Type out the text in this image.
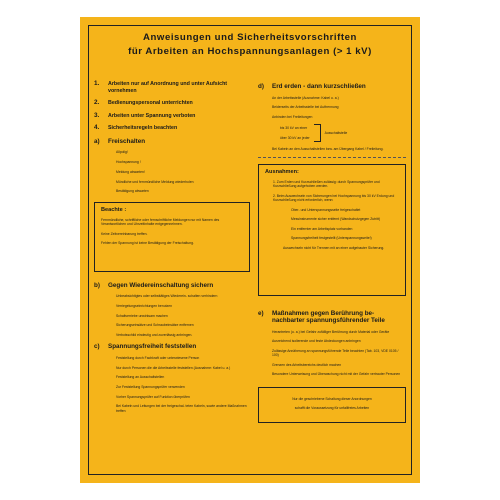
Anweisungen und Sicherheitsvorschriften
für Arbeiten an Hochspannungsanlagen (> 1 kV)
1.	Arbeiten nur auf Anordnung und unter Aufsicht vornehmen
2.	Bedienungspersonal unterrichten
3.	Arbeiten unter Spannung verboten
4.	Sicherheitsregeln beachten
a)	Freischalten
Allpolig!
Hochspannung !
Meldung abwarten!
Mündliche und fernmündliche Meldung wiederholen
Bestätigung abwarten
Beachte :
Fernmündliche, schriftliche oder fernschriftliche Meldungen nur mit Namen des Verantwortlichen und Uhrzeitinhalte entgegennehmen.
Keine Zeitvereinbarung treffen.
Fehlen der Spannung ist keine Bestätigung der Freischaltung.
b)	Gegen Wiedereinschaltung sichern
Unbeabsichtigtes oder selbsttätiges Wiederein- schalten verhindern
Verriegelungseinrichtungen benutzen
Schaltverriebe unwirksam machen
Sicherungseinsätze und Schraubeinsätze entfernen
Verbotsschild eindeutig und zuverlässig anbringen.
c)	Spannungsfreiheit feststellen
Feststellung durch Fachkraft oder unterwiesene Person
Nur durch Personen die die Arbeitsstelle feststellen (Ausnahme: Kabel u. a.)
Feststellung an Ausschaltstellen
Zur Feststellung Spannungsprüfer verwenden
Vorher Spannungsprüfer auf Funktion überprüfen
Bei Kabeln und Leitungen bei der freigeschal- teten Kabeln, sowie andere Maßnahmen treffen
d)	Erd erden - dann kurzschließen
An der Arbeitsstelle (Ausnahme: Kabel u. a.)
Beiderseits der Arbeitsstelle bei Auftrennung
Anbinden bei Freileitungen
bis 30 kV an einer
über 30 kV an jeder
Ausschaltstelle
Bei Kabeln an den Ausschaltstellen bzw. am Übergang Kabel / Freileitung.
Ausnahmen:
1. Zum Erden und Kurzschließen zulässig: durch Spannungsprüfer und Kurzschließung aufgehoben werden.
2. Beim Auswechseln von Sicherungen bei Hochspannung bis 30 kV Erdung und Kurzschließung nicht erforderlich, wenn:
Ober- und Unterspannungsseite freigeschaltet
Messinstrumente sicher entfernt (Wandschutzgegen Zutritt)
Ein entfernter am Arbeitsplatz vorhanden
Spannungsfreiheit festgestellt (Unterspannungsseite!)
Auswechseln nicht für Trennen mit an einer aufgebauter Sicherung.
e)	Maßnahmen gegen Berührung be- nachbarter spannungsführender Teile
Herantreten (u. a.) bei Gefahr zufälliger Berührung durch Material oder Geräte
Ausreichend isolierende und feste Abdeckungen anbringen
Zulässige Annäherung an spannungsführende Teile beachten (Tab. 103, VDE 0105 / 100)
Grenzen des Arbeitsbereichs deutlich machen
Besondere Unterweisung und Überwachung nicht mit der Gefahr vertrauter Personen
Nur die geschriebene Schaltung dieser Anordnungen
schafft die Voraussetzung für unfallfreies Arbeiten
